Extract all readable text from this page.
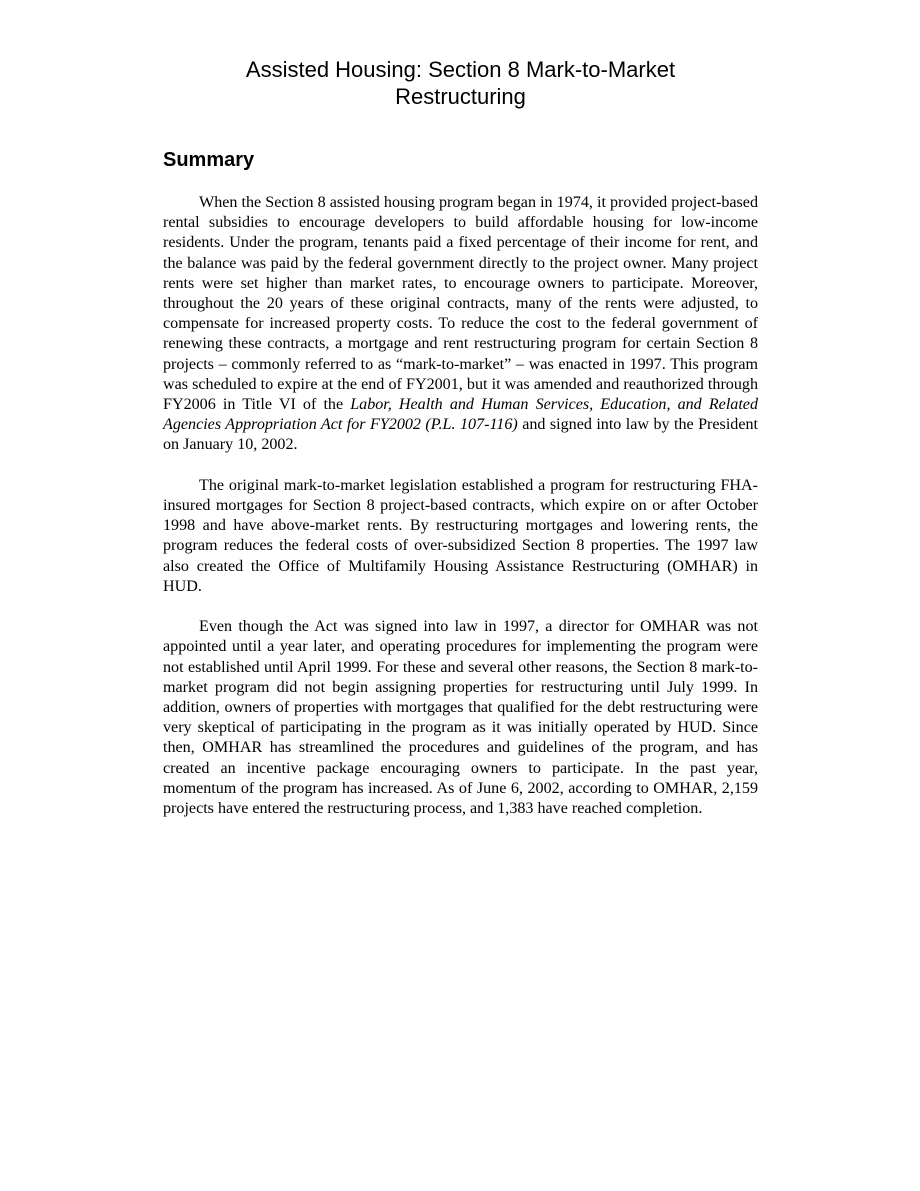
Assisted Housing: Section 8 Mark-to-Market
Restructuring
Summary

When the Section 8 assisted housing program began in 1974, it provided project-based rental subsidies to encourage developers to build affordable housing for low-income residents. Under the program, tenants paid a fixed percentage of their income for rent, and the balance was paid by the federal government directly to the project owner. Many project rents were set higher than market rates, to encourage owners to participate. Moreover, throughout the 20 years of these original contracts, many of the rents were adjusted, to compensate for increased property costs. To reduce the cost to the federal government of renewing these contracts, a mortgage and rent restructuring program for certain Section 8 projects – commonly referred to as “mark-to-market” – was enacted in 1997. This program was scheduled to expire at the end of FY2001, but it was amended and reauthorized through FY2006 in Title VI of the Labor, Health and Human Services, Education, and Related Agencies Appropriation Act for FY2002 (P.L. 107-116) and signed into law by the President on January 10, 2002.

The original mark-to-market legislation established a program for restructuring FHA-insured mortgages for Section 8 project-based contracts, which expire on or after October 1998 and have above-market rents. By restructuring mortgages and lowering rents, the program reduces the federal costs of over-subsidized Section 8 properties. The 1997 law also created the Office of Multifamily Housing Assistance Restructuring (OMHAR) in HUD.

Even though the Act was signed into law in 1997, a director for OMHAR was not appointed until a year later, and operating procedures for implementing the program were not established until April 1999. For these and several other reasons, the Section 8 mark-to-market program did not begin assigning properties for restructuring until July 1999. In addition, owners of properties with mortgages that qualified for the debt restructuring were very skeptical of participating in the program as it was initially operated by HUD. Since then, OMHAR has streamlined the procedures and guidelines of the program, and has created an incentive package encouraging owners to participate. In the past year, momentum of the program has increased. As of June 6, 2002, according to OMHAR, 2,159 projects have entered the restructuring process, and 1,383 have reached completion.
